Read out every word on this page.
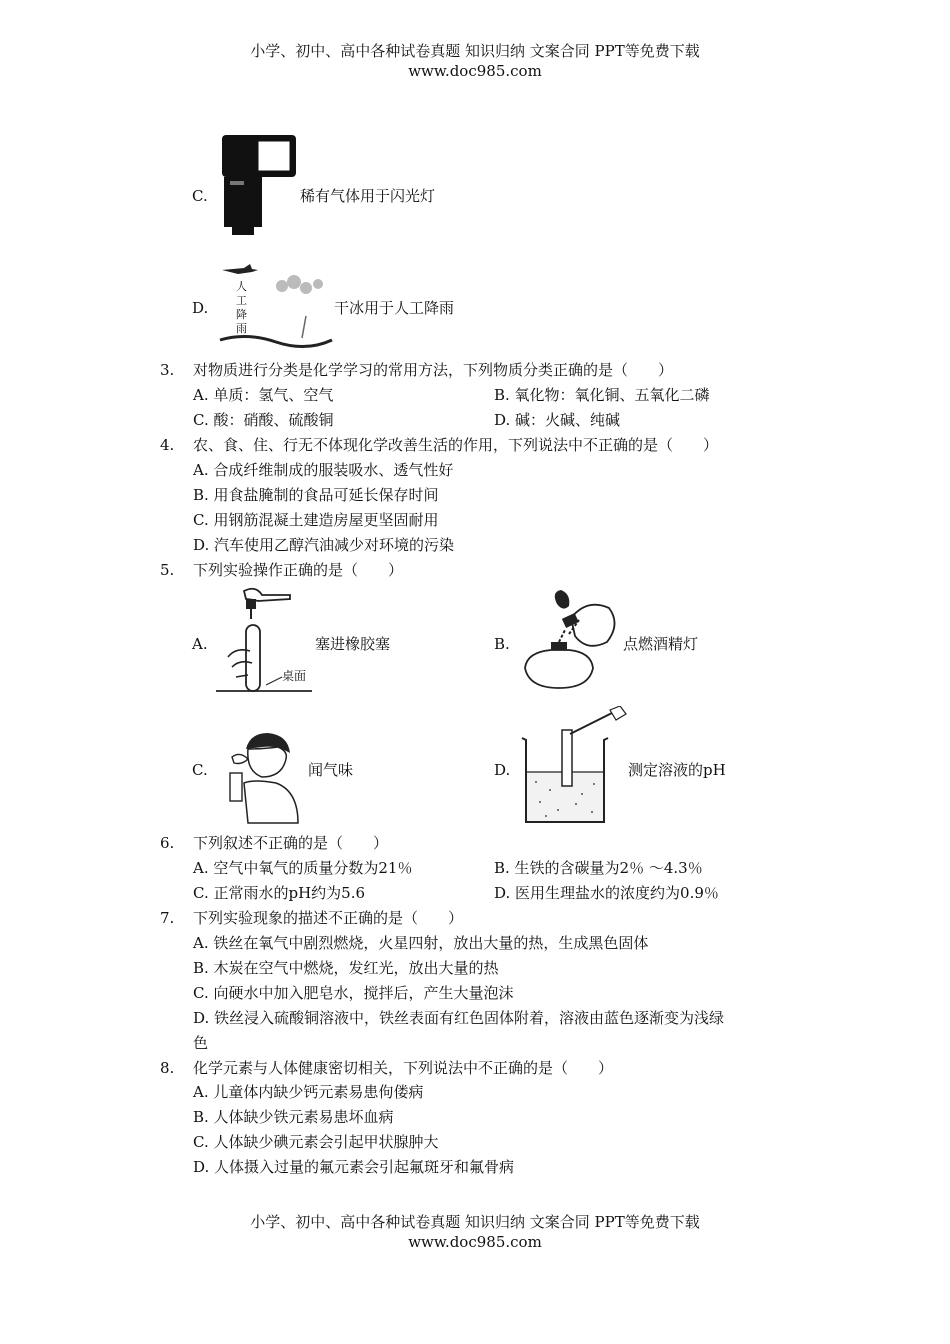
小学、初中、高中各种试卷真题 知识归纳 文案合同 PPT等免费下载
www.doc985.com
C.	稀有气体用于闪光灯
D.
人
工
降
雨
干冰用于人工降雨
3. 对物质进行分类是化学学习的常用方法，下列物质分类正确的是（　　）
A. 单质：氢气、空气	B. 氧化物：氧化铜、五氧化二磷
C. 酸：硝酸、硫酸铜	D. 碱：火碱、纯碱
4. 农、食、住、行无不体现化学改善生活的作用，下列说法中不正确的是（　　）
A. 合成纤维制成的服装吸水、透气性好
B. 用食盐腌制的食品可延长保存时间
C. 用钢筋混凝土建造房屋更坚固耐用
D. 汽车使用乙醇汽油减少对环境的污染
5. 下列实验操作正确的是（　　）
A.
桌面
塞进橡胶塞	B.	点燃酒精灯
C.	闻气味	D.	测定溶液的pH
6. 下列叙述不正确的是（　　）
A. 空气中氧气的质量分数为21％	B. 生铁的含碳量为2％ ～4.3％
C. 正常雨水的pH约为5.6	D. 医用生理盐水的浓度约为0.9％
7. 下列实验现象的描述不正确的是（　　）
A. 铁丝在氧气中剧烈燃烧，火星四射，放出大量的热，生成黑色固体
B. 木炭在空气中燃烧，发红光，放出大量的热
C. 向硬水中加入肥皂水，搅拌后，产生大量泡沫
D. 铁丝浸入硫酸铜溶液中，铁丝表面有红色固体附着，溶液由蓝色逐渐变为浅绿
色
8. 化学元素与人体健康密切相关，下列说法中不正确的是（　　）
A. 儿童体内缺少钙元素易患佝偻病
B. 人体缺少铁元素易患坏血病
C. 人体缺少碘元素会引起甲状腺肿大
D. 人体摄入过量的氟元素会引起氟斑牙和氟骨病
小学、初中、高中各种试卷真题 知识归纳 文案合同 PPT等免费下载
www.doc985.com
